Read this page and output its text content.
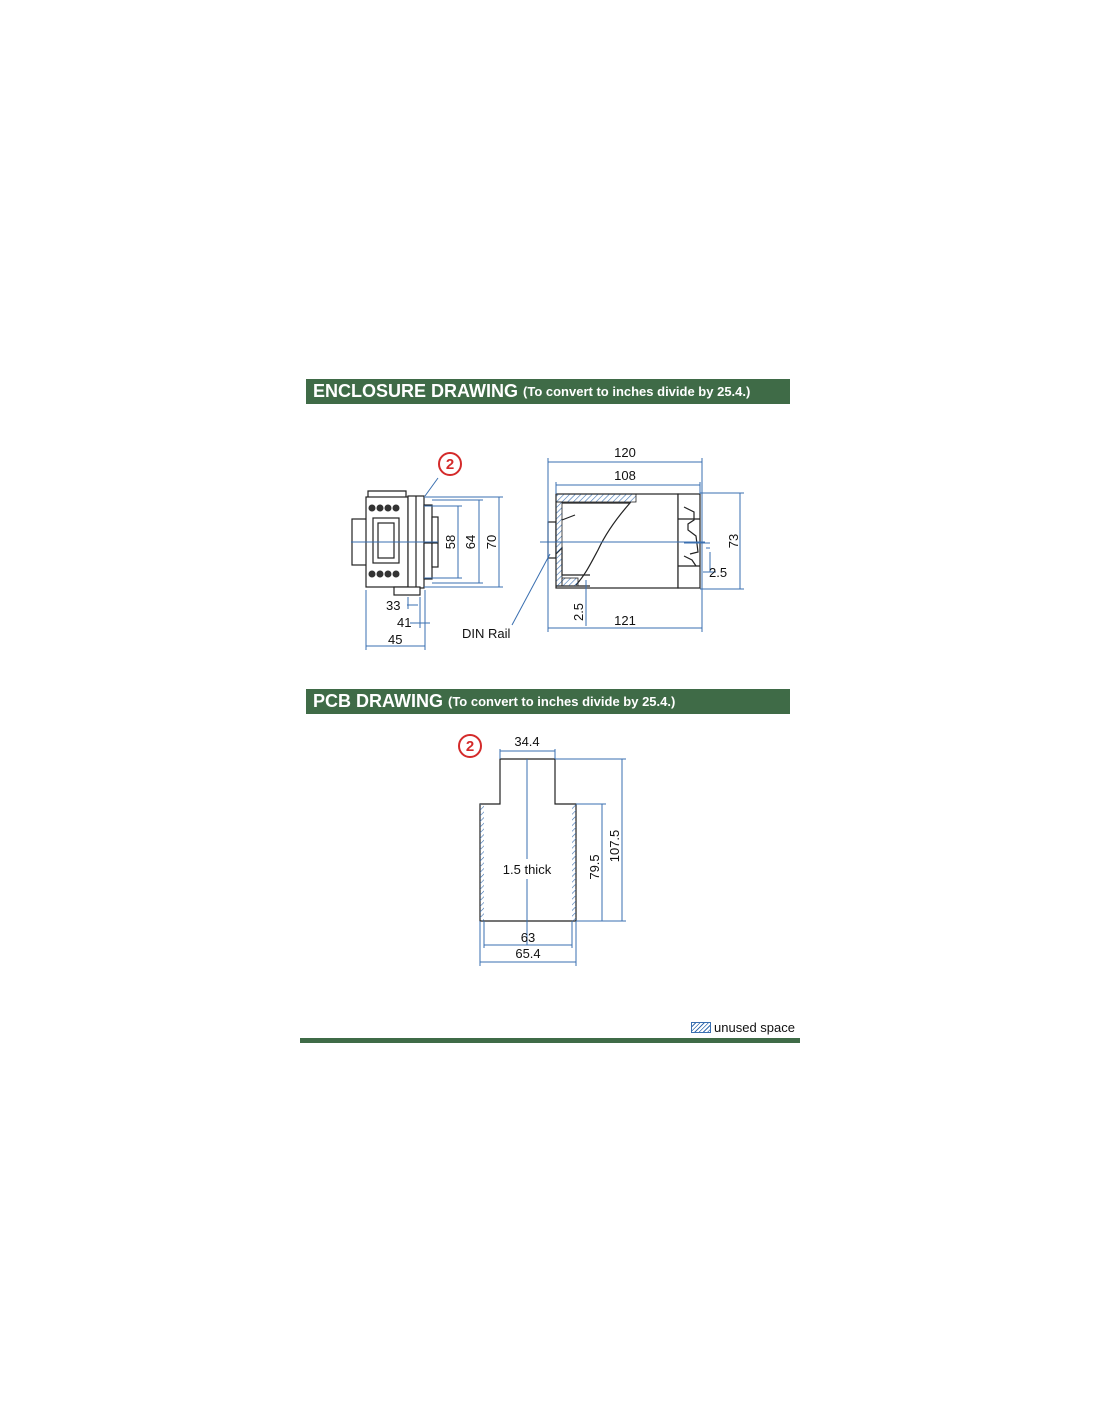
ENCLOSURE DRAWING (To convert to inches divide by 25.4.)
PCB DRAWING (To convert to inches divide by 25.4.)
58 64 70
33
41
45
2
120
108
73
2.5
2.5 121
DIN Rail
34.4
1.5 thick	79.5
107.5
63
65.4
2
unused space
